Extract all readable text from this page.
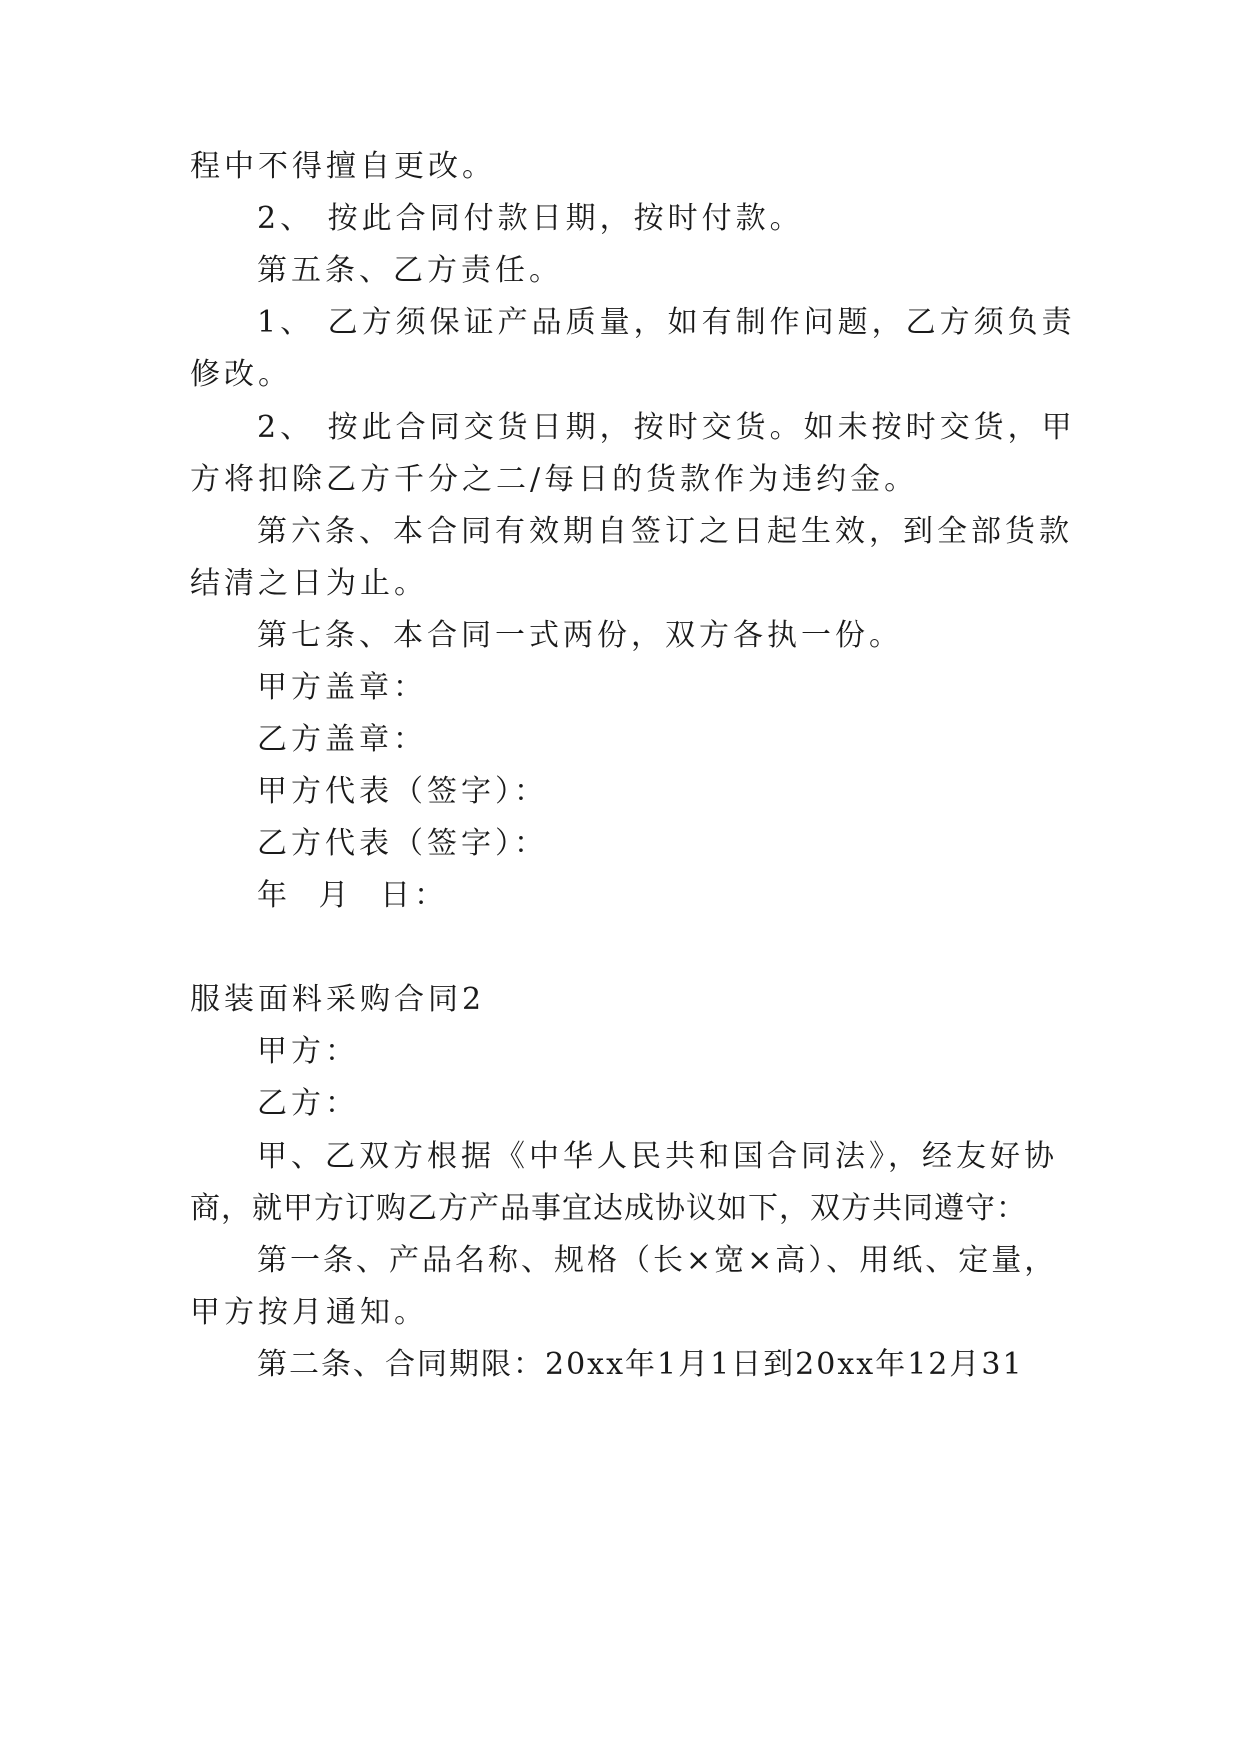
程中不得擅自更改。
2、 按此合同付款日期，按时付款。
第五条、乙方责任。
1、 乙方须保证产品质量，如有制作问题，乙方须负责
修改。
2、 按此合同交货日期，按时交货。如未按时交货，甲
方将扣除乙方千分之二/每日的货款作为违约金。
第六条、本合同有效期自签订之日起生效，到全部货款
结清之日为止。
第七条、本合同一式两份，双方各执一份。
甲方盖章：
乙方盖章：
甲方代表（签字）：
乙方代表（签字）：
年 月 日：
服装面料采购合同2
甲方：
乙方：
甲、乙双方根据《中华人民共和国合同法》，经友好协
商，就甲方订购乙方产品事宜达成协议如下，双方共同遵守：
第一条、产品名称、规格（长×宽×高）、用纸、定量，
甲方按月通知。
第二条、合同期限：20xx年1月1日到20xx年12月31
